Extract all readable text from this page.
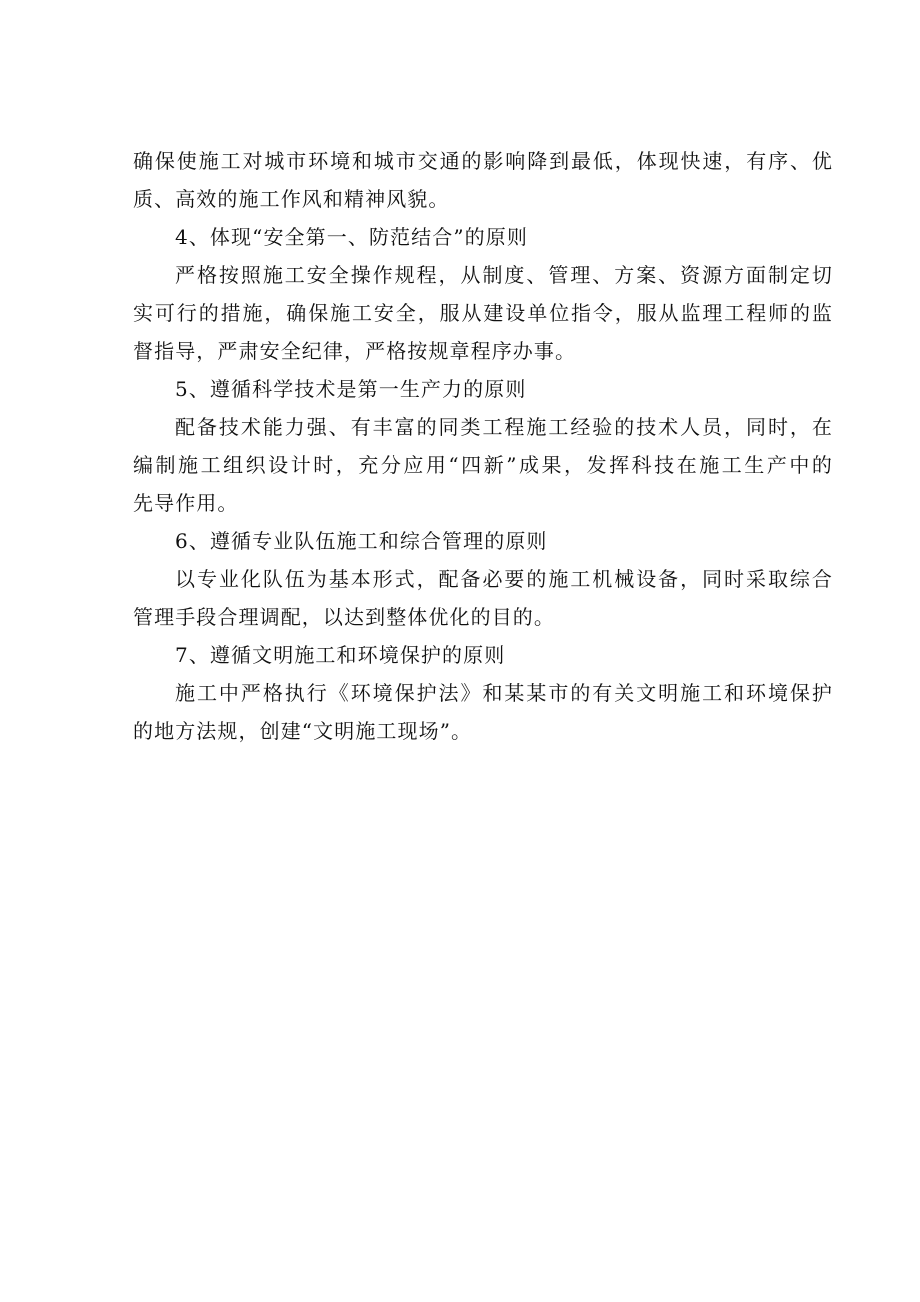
确保使施工对城市环境和城市交通的影响降到最低，体现快速，有序、优
质、高效的施工作风和精神风貌。
4、体现“安全第一、防范结合”的原则
严格按照施工安全操作规程，从制度、管理、方案、资源方面制定切
实可行的措施，确保施工安全，服从建设单位指令，服从监理工程师的监
督指导，严肃安全纪律，严格按规章程序办事。
5、遵循科学技术是第一生产力的原则
配备技术能力强、有丰富的同类工程施工经验的技术人员，同时，在
编制施工组织设计时，充分应用“四新”成果，发挥科技在施工生产中的
先导作用。
6、遵循专业队伍施工和综合管理的原则
以专业化队伍为基本形式，配备必要的施工机械设备，同时采取综合
管理手段合理调配，以达到整体优化的目的。
7、遵循文明施工和环境保护的原则
施工中严格执行《环境保护法》和某某市的有关文明施工和环境保护
的地方法规，创建“文明施工现场”。
